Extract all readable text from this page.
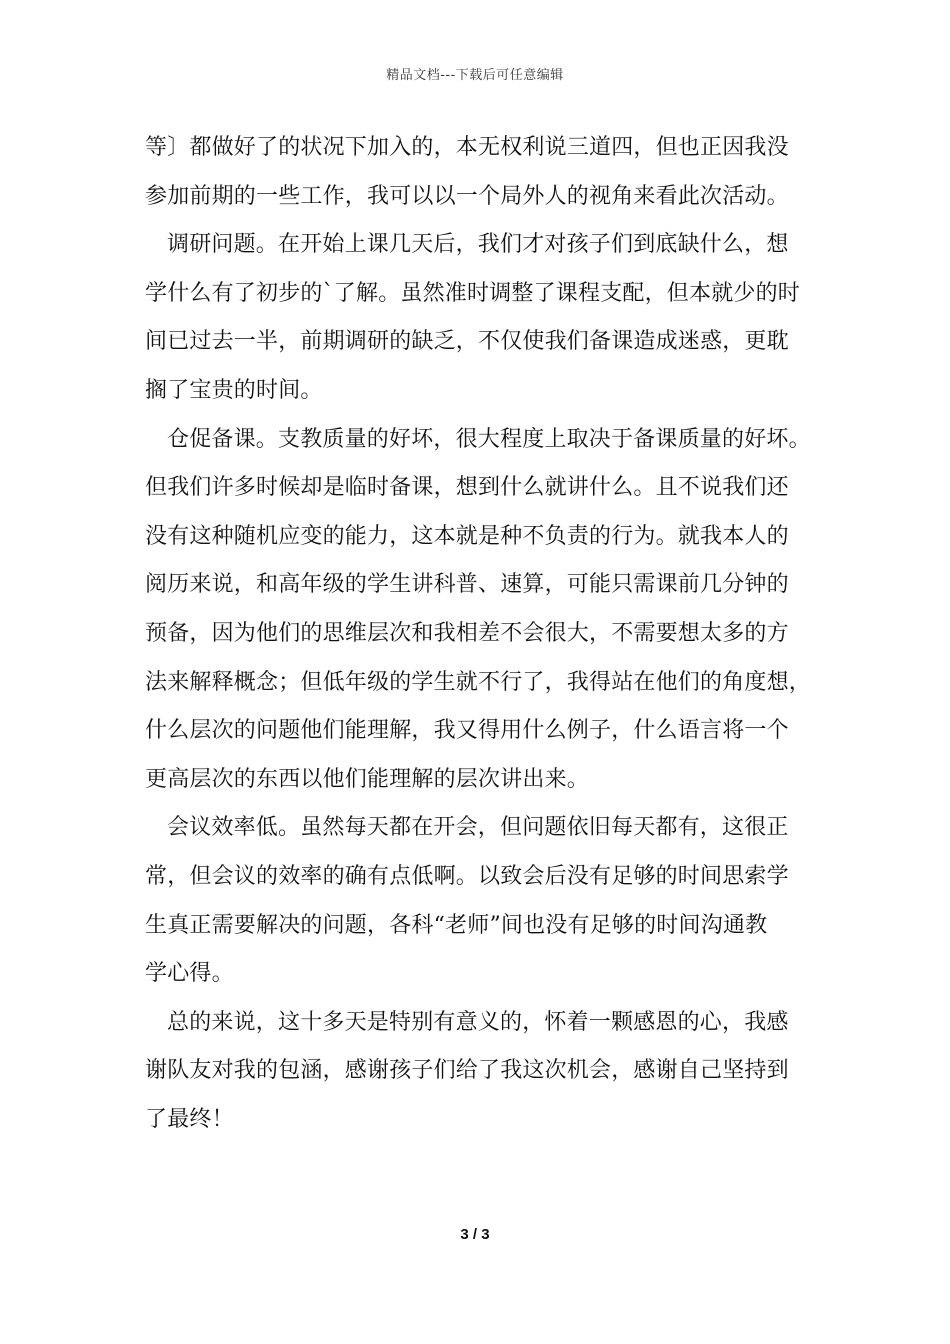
精品文档---下载后可任意编辑
等〕都做好了的状况下加入的，本无权利说三道四，但也正因我没
参加前期的一些工作，我可以以一个局外人的视角来看此次活动。
调研问题。在开始上课几天后，我们才对孩子们到底缺什么，想
学什么有了初步的`了解。虽然准时调整了课程支配，但本就少的时
间已过去一半，前期调研的缺乏，不仅使我们备课造成迷惑，更耽
搁了宝贵的时间。
仓促备课。支教质量的好坏，很大程度上取决于备课质量的好坏。
但我们许多时候却是临时备课，想到什么就讲什么。且不说我们还
没有这种随机应变的能力，这本就是种不负责的行为。就我本人的
阅历来说，和高年级的学生讲科普、速算，可能只需课前几分钟的
预备，因为他们的思维层次和我相差不会很大，不需要想太多的方
法来解释概念；但低年级的学生就不行了，我得站在他们的角度想，
什么层次的问题他们能理解，我又得用什么例子，什么语言将一个
更高层次的东西以他们能理解的层次讲出来。
会议效率低。虽然每天都在开会，但问题依旧每天都有，这很正
常，但会议的效率的确有点低啊。以致会后没有足够的时间思索学
生真正需要解决的问题，各科“老师”间也没有足够的时间沟通教
学心得。
总的来说，这十多天是特别有意义的，怀着一颗感恩的心，我感
谢队友对我的包涵，感谢孩子们给了我这次机会，感谢自己坚持到
了最终！
3 / 3
